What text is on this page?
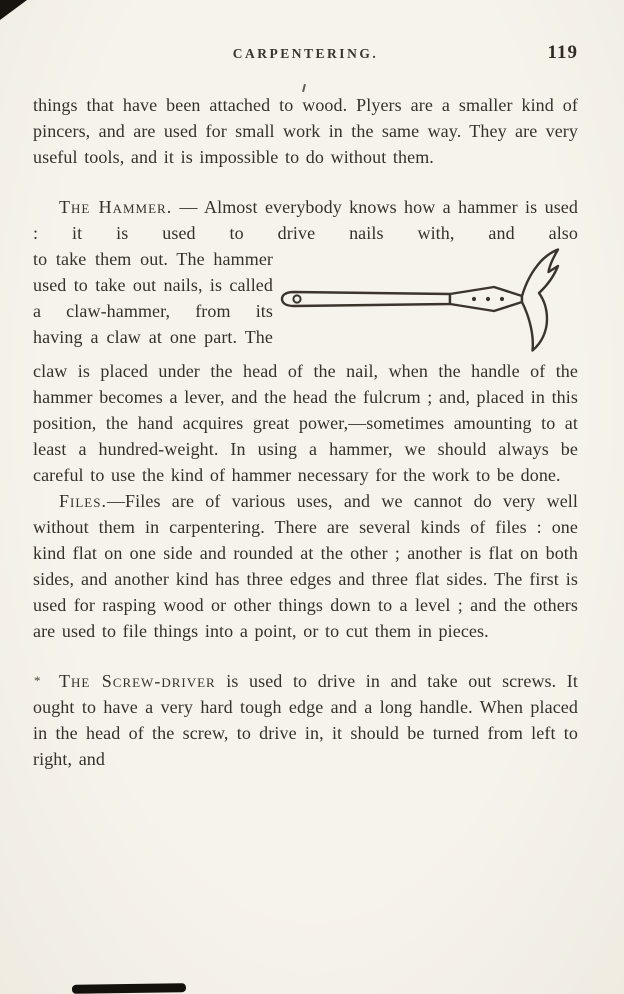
CARPENTERING.	119

things that have been attached to wood. Plyers are a smaller kind of pincers, and are used for small work in the same way. They are very useful tools, and it is impossible to do without them.

The Hammer. — Almost everybody knows how a hammer is used : it is used to drive nails with, and also

to take them out. The hammer used to take out nails, is called a claw-hammer, from its having a claw at one part. The

claw is placed under the head of the nail, when the handle of the hammer becomes a lever, and the head the fulcrum ; and, placed in this position, the hand acquires great power,—sometimes amounting to at least a hundred-weight. In using a hammer, we should always be careful to use the kind of hammer necessary for the work to be done.

Files.—Files are of various uses, and we cannot do very well without them in carpentering. There are several kinds of files : one kind flat on one side and rounded at the other ; another is flat on both sides, and another kind has three edges and three flat sides. The first is used for rasping wood or other things down to a level ; and the others are used to file things into a point, or to cut them in pieces.

* The Screw-driver is used to drive in and take out screws. It ought to have a very hard tough edge and a long handle. When placed in the head of the screw, to drive in, it should be turned from left to right, and
